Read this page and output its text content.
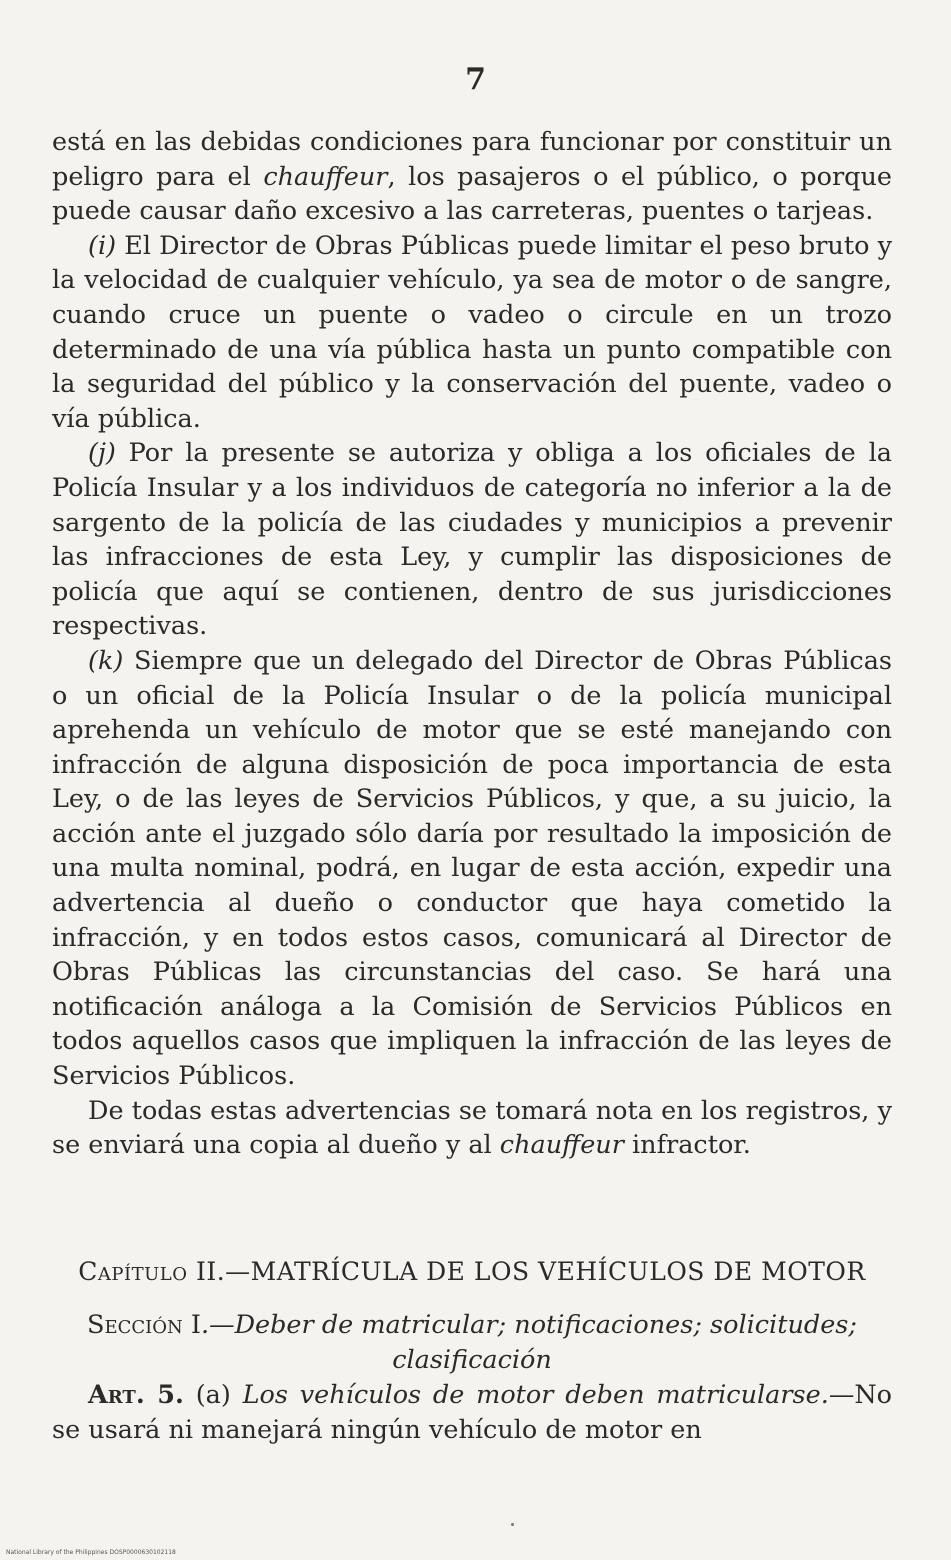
7

está en las debidas condiciones para funcionar por constituir un peligro para el chauffeur, los pasajeros o el público, o porque puede causar daño excesivo a las carreteras, puentes o tarjeas.

(i) El Director de Obras Públicas puede limitar el peso bruto y la velocidad de cualquier vehículo, ya sea de motor o de sangre, cuando cruce un puente o vadeo o circule en un trozo determinado de una vía pública hasta un punto compatible con la seguridad del público y la conservación del puente, vadeo o vía pública.

(j) Por la presente se autoriza y obliga a los oficiales de la Policía Insular y a los individuos de categoría no inferior a la de sargento de la policía de las ciudades y municipios a prevenir las infracciones de esta Ley, y cumplir las disposiciones de policía que aquí se contienen, dentro de sus jurisdicciones respectivas.

(k) Siempre que un delegado del Director de Obras Públicas o un oficial de la Policía Insular o de la policía municipal aprehenda un vehículo de motor que se esté manejando con infracción de alguna disposición de poca importancia de esta Ley, o de las leyes de Servicios Públicos, y que, a su juicio, la acción ante el juzgado sólo daría por resultado la imposición de una multa nominal, podrá, en lugar de esta acción, expedir una advertencia al dueño o conductor que haya cometido la infracción, y en todos estos casos, comunicará al Director de Obras Públicas las circunstancias del caso. Se hará una notificación análoga a la Comisión de Servicios Públicos en todos aquellos casos que impliquen la infracción de las leyes de Servicios Públicos.

De todas estas advertencias se tomará nota en los registros, y se enviará una copia al dueño y al chauffeur infractor.

Capítulo II.—MATRÍCULA DE LOS VEHÍCULOS DE MOTOR
Sección I.—Deber de matricular; notificaciones; solicitudes; clasificación

Art. 5. (a) Los vehículos de motor deben matricularse.—No se usará ni manejará ningún vehículo de motor en

National Library of the Philippines DOSP0000630102118
